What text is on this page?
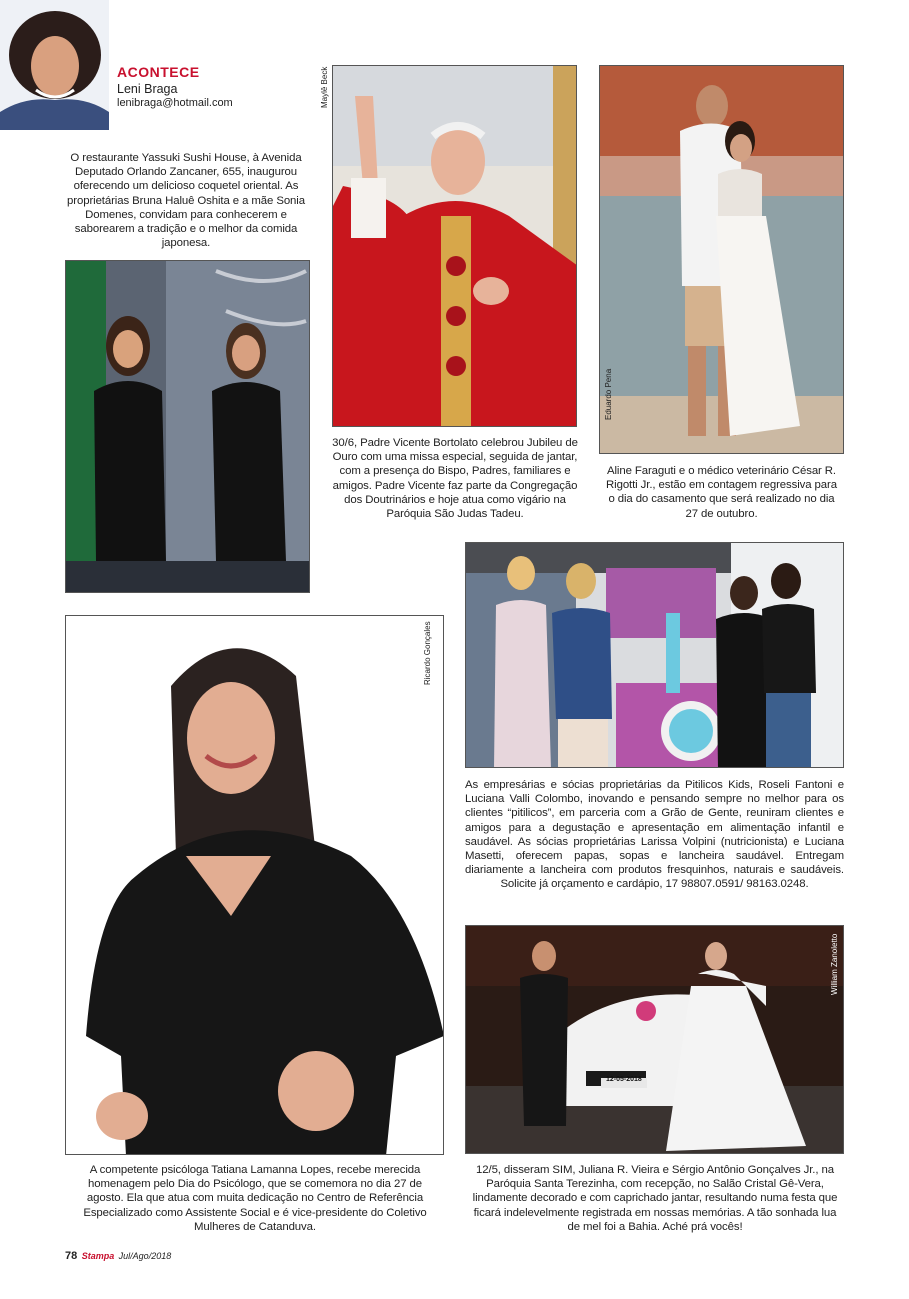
ACONTECE
Leni Braga
lenibraga@hotmail.com
O restaurante Yassuki Sushi House, à Avenida Deputado Orlando Zancaner, 655, inaugurou oferecendo um delicioso coquetel oriental. As proprietárias Bruna Haluê Oshita e a mãe Sonia Domenes, convidam para conhecerem e saborearem a tradição e o melhor da comida japonesa.
Maylê Beck
30/6, Padre Vicente Bortolato celebrou Jubileu de Ouro com uma missa especial, seguida de jantar, com a presença do Bispo, Padres, familiares e amigos. Padre Vicente faz parte da Congregação dos Doutrinários e hoje atua como vigário na Paróquia São Judas Tadeu.
Eduardo Pena
Aline Faraguti e o médico veterinário César R. Rigotti Jr., estão em contagem regressiva para o dia do casamento que será realizado no dia 27 de outubro.
As empresárias e sócias proprietárias da Pitilicos Kids, Roseli Fantoni e Luciana Valli Colombo, inovando e pensando sempre no melhor para os clientes “pitilicos”, em parceria com a Grão de Gente, reuniram clientes e amigos para a degustação e apresentação em alimentação infantil e saudável. As sócias proprietárias Larissa Volpini (nutricionista) e Luciana Masetti, oferecem papas, sopas e lancheira saudável. Entregam diariamente a lancheira com produtos fresquinhos, naturais e saudáveis. Solicite já orçamento e cardápio, 17 98807.0591/ 98163.0248.
Ricardo Gonçales
A competente psicóloga Tatiana Lamanna Lopes, recebe merecida homenagem pelo Dia do Psicólogo, que se comemora no dia 27 de agosto. Ela que atua com muita dedicação no Centro de Referência Especializado como Assistente Social e é vice-presidente do Coletivo Mulheres de Catanduva.
12-05-2018
William Zanoletto
12/5, disseram SIM, Juliana R. Vieira e Sérgio Antônio Gonçalves Jr., na Paróquia Santa Terezinha, com recepção, no Salão Cristal Gê-Vera, lindamente decorado e com caprichado jantar, resultando numa festa que ficará indelevelmente registrada em nossas memórias. A tão sonhada lua de mel foi a Bahia. Aché prá vocês!
78 Stampa Jul/Ago/2018
